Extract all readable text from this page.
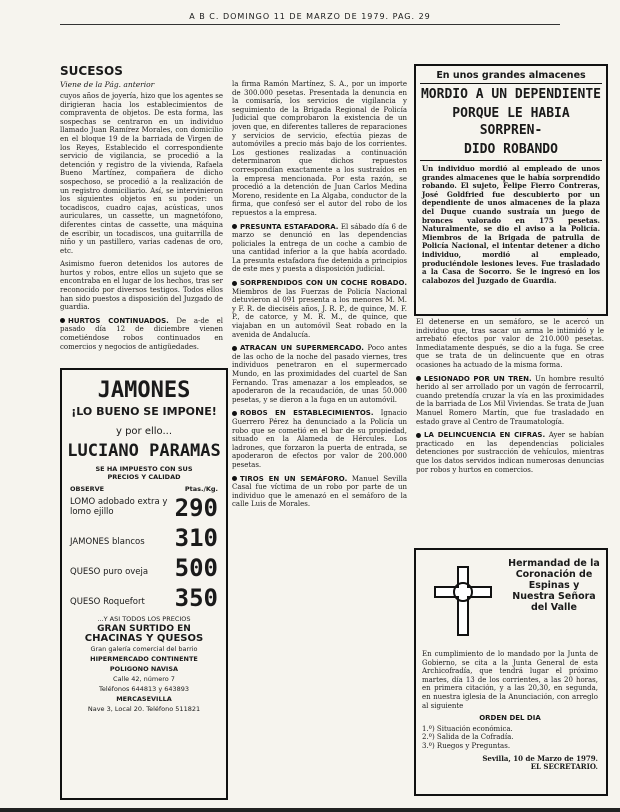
A B C. DOMINGO 11 DE MARZO DE 1979. PAG. 29
SUCESOS
Viene de la Pág. anterior

cuyos años de joyería, hizo que los agentes se dirigieran hacia los establecimientos de compraventa de objetos. De esta forma, las sospechas se centraron en un individuo llamado Juan Ramírez Morales, con domicilio en el bloque 19 de la barriada de Virgen de los Reyes, Establecido el correspondiente servicio de vigilancia, se procedió a la detención y registro de la vivienda, Rafaela Bueno Martínez, compañera de dicho sospechoso, se procedió a la realización de un registro domiciliario. Así, se intervinieron los siguientes objetos en su poder: un tocadiscos, cuadro cajas, acústicas, unos auriculares, un cassette, un magnetófono, diferentes cintas de cassette, una máquina de escribir, un tocadiscos, una guitarrilla de niño y un pastillero, varias cadenas de oro, etc.

Asimismo fueron detenidos los autores de hurtos y robos, entre ellos un sujeto que se encontraba en el lugar de los hechos, tras ser reconocido por diversos testigos. Todos ellos han sido puestos a disposición del Juzgado de guardia.

HURTOS CONTINUADOS. De a-de el pasado día 12 de diciembre vienen cometiéndose robos continuados en comercios y negocios de antigüedades.

JAMONES
¡LO BUENO SE IMPONE!
y por ello...
LUCIANO PARAMAS
SE HA IMPUESTO CON SUS
PRECIOS Y CALIDAD
OBSERVE	Ptas./Kg.
LOMO adobado extra y lomo ejillo	290
JAMONES blancos	310
QUESO puro oveja	500
QUESO Roquefort	350
...Y ASI TODOS LOS PRECIOS
GRAN SURTIDO EN
CHACINAS Y QUESOS
Gran galería comercial del barrio
HIPERMERCADO CONTINENTE
POLIGONO NAVISA
Calle 42, número 7
Teléfonos 644813 y 643893
MERCASEVILLA
Nave 3, Local 20. Teléfono 511821

la firma Ramón Martínez, S. A., por un importe de 300.000 pesetas. Presentada la denuncia en la comisaría, los servicios de vigilancia y seguimiento de la Brigada Regional de Policía Judicial que comprobaron la existencia de un joven que, en diferentes talleres de reparaciones y servicios de servicio, efectúa piezas de automóviles a precio más bajo de los corrientes. Los gestiones realizadas a continuación determinaron que dichos repuestos correspondían exactamente a los sustraídos en la empresa mencionada. Por esta razón, se procedió a la detención de Juan Carlos Medina Moreno, residente en La Algaba, conductor de la firma, que confesó ser el autor del robo de los repuestos a la empresa.

PRESUNTA ESTAFADORA. El sábado día 6 de marzo se denunció en las dependencias policiales la entrega de un coche a cambio de una cantidad inferior a la que había acordado. La presunta estafadora fue detenida a principios de este mes y puesta a disposición judicial.

SORPRENDIDOS CON UN COCHE ROBADO. Miembros de las Fuerzas de Policía Nacional detuvieron al 091 presenta a los menores M. M. y F. R. de dieciséis años, J. R. P., de quince, M. F. P., de catorce, y M. R. M., de quince, que viajaban en un automóvil Seat robado en la avenida de Andalucía.

ATRACAN UN SUPERMERCADO. Poco antes de las ocho de la noche del pasado viernes, tres individuos penetraron en el supermercado Mundo, en las proximidades del cuartel de San Fernando. Tras amenazar a los empleados, se apoderaron de la recaudación, de unas 50.000 pesetas, y se dieron a la fuga en un automóvil.

ROBOS EN ESTABLECIMIENTOS. Ignacio Guerrero Pérez ha denunciado a la Policía un robo que se cometió en el bar de su propiedad, situado en la Alameda de Hércules. Los ladrones, que forzaron la puerta de entrada, se apoderaron de efectos por valor de 200.000 pesetas.

TIROS EN UN SEMÁFORO. Manuel Sevilla Casal fue víctima de un robo por parte de un individuo que le amenazó en el semáforo de la calle Luis de Morales.

En unos grandes almacenes
MORDIO A UN DEPENDIENTE
PORQUE LE HABIA SORPREN-
DIDO ROBANDO
Un individuo mordió al empleado de unos grandes almacenes que le había sorprendido robando. El sujeto, Felipe Fierro Contreras, José Goldfried fue descubierto por un dependiente de unos almacenes de la plaza del Duque cuando sustraía un juego de bronces valorado en 175 pesetas. Naturalmente, se dio el aviso a la Policía. Miembros de la Brigada de patrulla de Policía Nacional, el intentar detener a dicho individuo, mordió al empleado, produciéndole lesiones leves. Fue trasladado a la Casa de Socorro. Se le ingresó en los calabozos del Juzgado de Guardia.

El detenerse en un semáforo, se le acercó un individuo que, tras sacar un arma le intimidó y le arrebató efectos por valor de 210.000 pesetas. Inmediatamente después, se dio a la fuga. Se cree que se trata de un delincuente que en otras ocasiones ha actuado de la misma forma.

LESIONADO POR UN TREN. Un hombre resultó herido al ser arrollado por un vagón de ferrocarril, cuando pretendía cruzar la vía en las proximidades de la barriada de Los Mil Viviendas. Se trata de Juan Manuel Romero Martín, que fue trasladado en estado grave al Centro de Traumatología.

LA DELINCUENCIA EN CIFRAS. Ayer se habían practicado en las dependencias policiales detenciones por sustracción de vehículos, mientras que los datos servidos indican numerosas denuncias por robos y hurtos en comercios.

Hermandad de la Coronación de Espinas y Nuestra Señora del Valle
En cumplimiento de lo mandado por la Junta de Gobierno, se cita a la Junta General de esta Archicofradía, que tendrá lugar el próximo martes, día 13 de los corrientes, a las 20 horas, en primera citación, y a las 20,30, en segunda, en nuestra iglesia de la Anunciación, con arreglo al siguiente
ORDEN DEL DIA
1.º) Situación económica.
2.º) Salida de la Cofradía.
3.º) Ruegos y Preguntas.
Sevilla, 10 de Marzo de 1979.
EL SECRETARIO.
